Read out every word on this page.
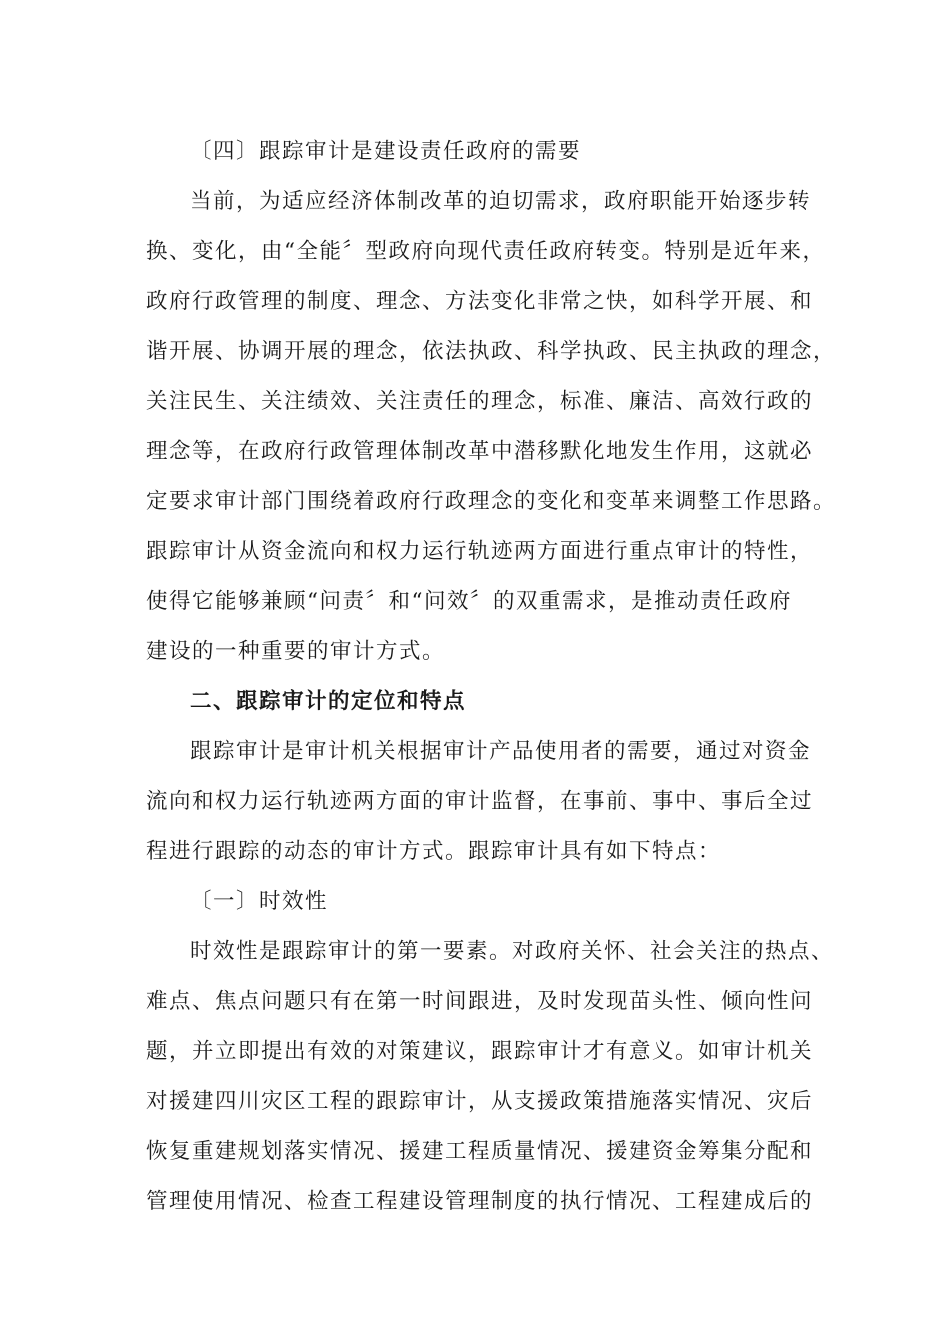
〔四〕跟踪审计是建设责任政府的需要
当前，为适应经济体制改革的迫切需求，政府职能开始逐步转
换、变化，由“全能〞型政府向现代责任政府转变。特别是近年来，
政府行政管理的制度、理念、方法变化非常之快，如科学开展、和
谐开展、协调开展的理念，依法执政、科学执政、民主执政的理念，
关注民生、关注绩效、关注责任的理念，标准、廉洁、高效行政的
理念等，在政府行政管理体制改革中潜移默化地发生作用，这就必
定要求审计部门围绕着政府行政理念的变化和变革来调整工作思路。
跟踪审计从资金流向和权力运行轨迹两方面进行重点审计的特性，
使得它能够兼顾“问责〞和“问效〞的双重需求，是推动责任政府
建设的一种重要的审计方式。
二、跟踪审计的定位和特点
跟踪审计是审计机关根据审计产品使用者的需要，通过对资金
流向和权力运行轨迹两方面的审计监督，在事前、事中、事后全过
程进行跟踪的动态的审计方式。跟踪审计具有如下特点：
〔一〕时效性
时效性是跟踪审计的第一要素。对政府关怀、社会关注的热点、
难点、焦点问题只有在第一时间跟进，及时发现苗头性、倾向性问
题，并立即提出有效的对策建议，跟踪审计才有意义。如审计机关
对援建四川灾区工程的跟踪审计，从支援政策措施落实情况、灾后
恢复重建规划落实情况、援建工程质量情况、援建资金筹集分配和
管理使用情况、检查工程建设管理制度的执行情况、工程建成后的
